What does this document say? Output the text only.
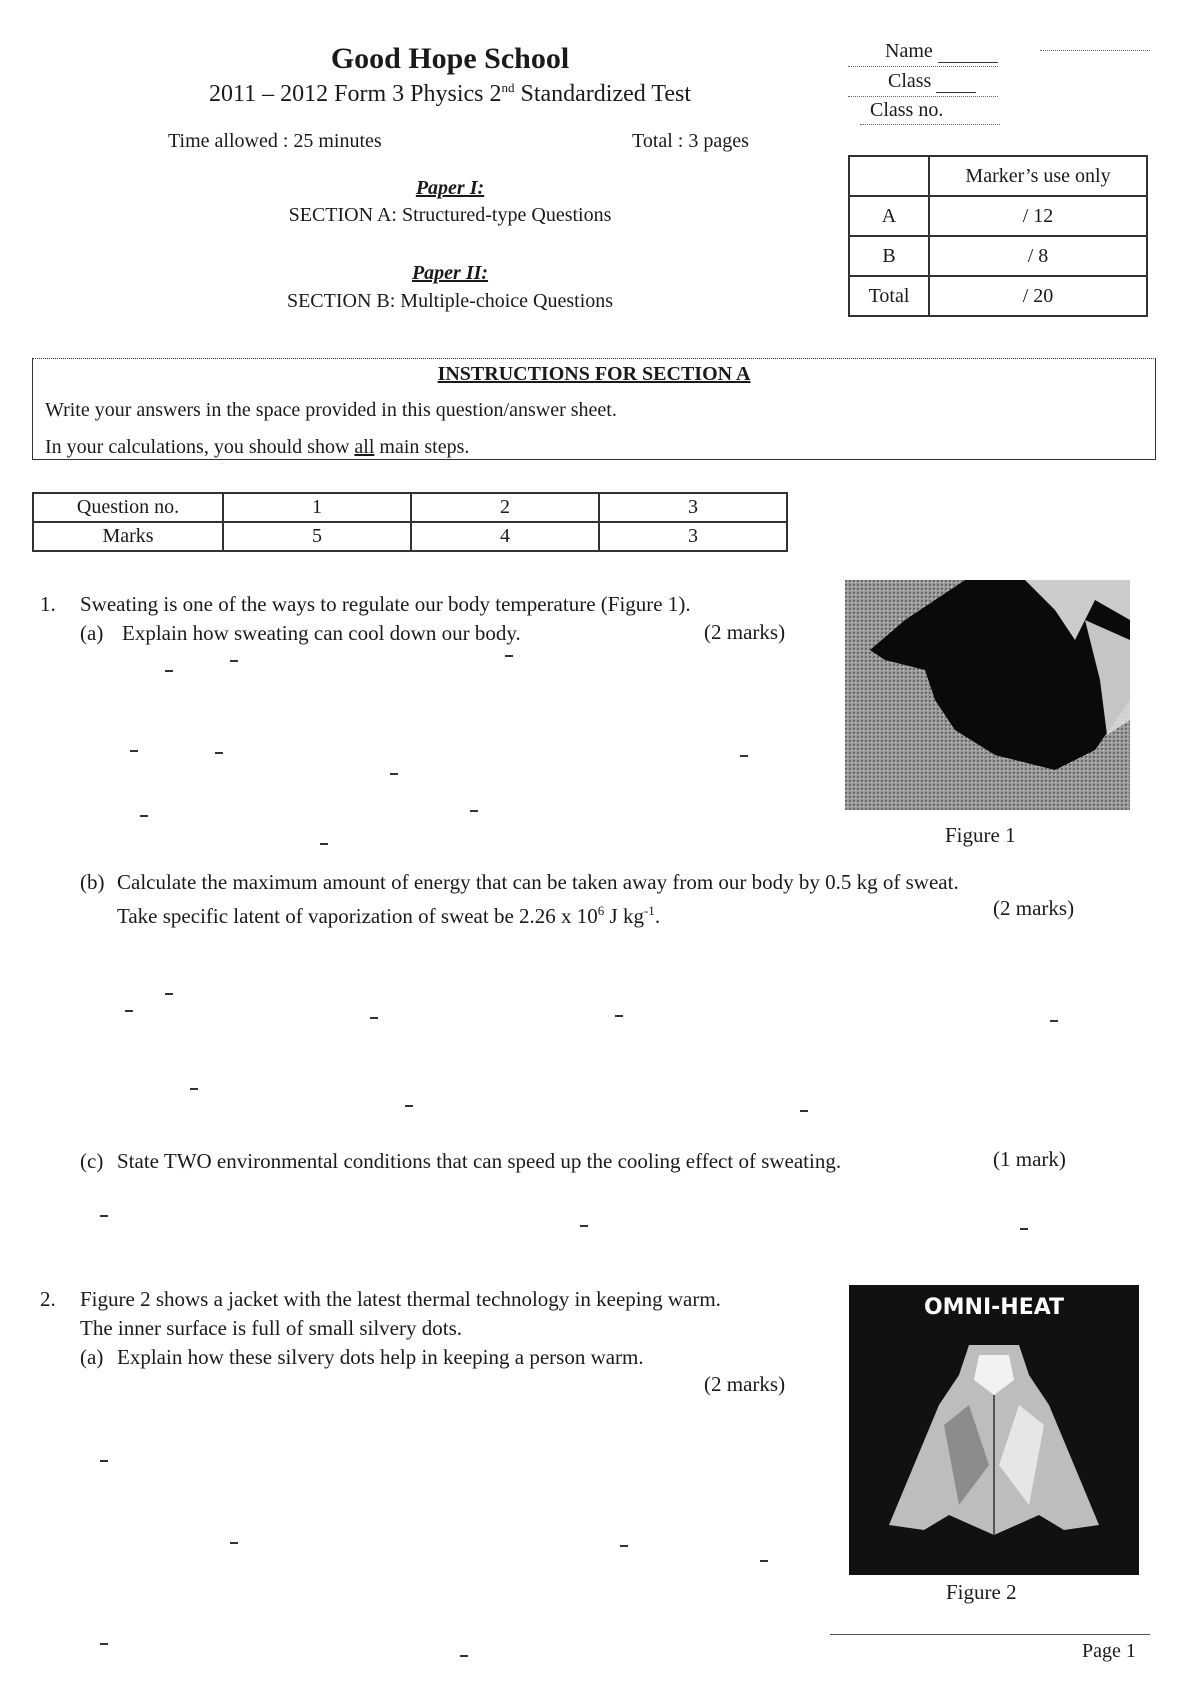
Good Hope School
2011 – 2012 Form 3 Physics 2nd Standardized Test
Time allowed : 25 minutes	Total : 3 pages
Paper I:
SECTION A: Structured-type Questions
Paper II:
SECTION B: Multiple-choice Questions
Name
Class
Class no.
	Marker’s use only
A	/ 12
B	/ 8
Total	/ 20
INSTRUCTIONS FOR SECTION A
Write your answers in the space provided in this question/answer sheet.
In your calculations, you should show all main steps.
Question no.	1	2	3
Marks	5	4	3
1. Sweating is one of the ways to regulate our body temperature (Figure 1).
(a) Explain how sweating can cool down our body.	(2 marks)
Figure 1
(b) Calculate the maximum amount of energy that can be taken away from our body by 0.5 kg of sweat.
Take specific latent of vaporization of sweat be 2.26 x $10^6$ J $kg^{-1}$.	(2 marks)
(c) State TWO environmental conditions that can speed up the cooling effect of sweating.	(1 mark)
2. Figure 2 shows a jacket with the latest thermal technology in keeping warm.
The inner surface is full of small silvery dots.
(a) Explain how these silvery dots help in keeping a person warm.
(2 marks)
OMNI-HEAT
Figure 2
Page 1
